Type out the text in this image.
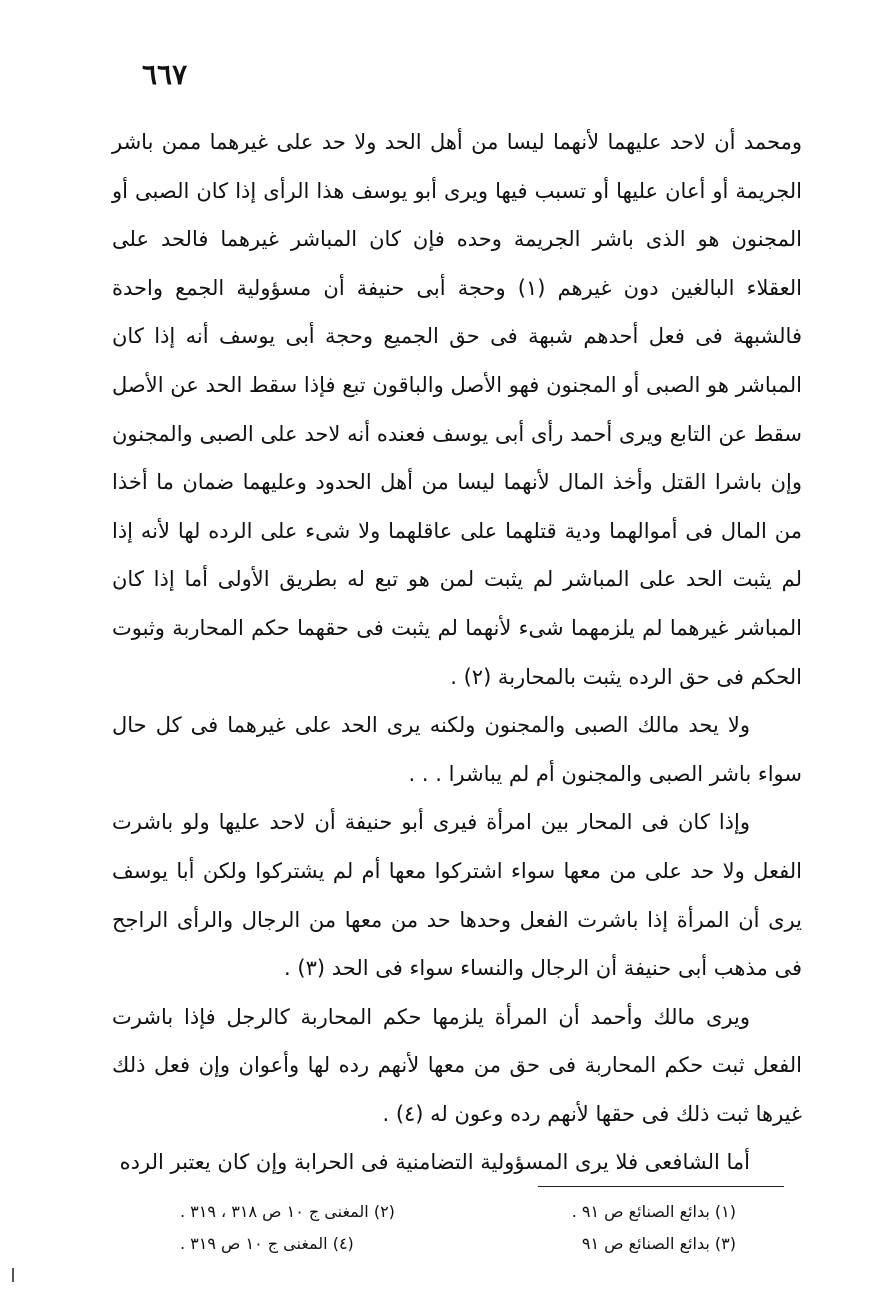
٦٦٧

ومحمد أن لاحد عليهما لأنهما ليسا من أهل الحد ولا حد على غيرهما ممن باشر الجريمة أو أعان عليها أو تسبب فيها ويرى أبو يوسف هذا الرأى إذا كان الصبى أو المجنون هو الذى باشر الجريمة وحده فإن كان المباشر غيرهما فالحد على العقلاء البالغين دون غيرهم (١) وحجة أبى حنيفة أن مسؤولية الجمع واحدة فالشبهة فى فعل أحدهم شبهة فى حق الجميع وحجة أبى يوسف أنه إذا كان المباشر هو الصبى أو المجنون فهو الأصل والباقون تبع فإذا سقط الحد عن الأصل سقط عن التابع ويرى أحمد رأى أبى يوسف فعنده أنه لاحد على الصبى والمجنون وإن باشرا القتل وأخذ المال لأنهما ليسا من أهل الحدود وعليهما ضمان ما أخذا من المال فى أموالهما ودية قتلهما على عاقلهما ولا شىء على الرده لها لأنه إذا لم يثبت الحد على المباشر لم يثبت لمن هو تبع له بطريق الأولى أما إذا كان المباشر غيرهما لم يلزمهما شىء لأنهما لم يثبت فى حقهما حكم المحاربة وثبوت الحكم فى حق الرده يثبت بالمحاربة (٢) .

ولا يحد مالك الصبى والمجنون ولكنه يرى الحد على غيرهما فى كل حال سواء باشر الصبى والمجنون أم لم يباشرا . . .

وإذا كان فى المحار بين امرأة فيرى أبو حنيفة أن لاحد عليها ولو باشرت الفعل ولا حد على من معها سواء اشتركوا معها أم لم يشتركوا ولكن أبا يوسف يرى أن المرأة إذا باشرت الفعل وحدها حد من معها من الرجال والرأى الراجح فى مذهب أبى حنيفة أن الرجال والنساء سواء فى الحد (٣) .

ويرى مالك وأحمد أن المرأة يلزمها حكم المحاربة كالرجل فإذا باشرت الفعل ثبت حكم المحاربة فى حق من معها لأنهم رده لها وأعوان وإن فعل ذلك غيرها ثبت ذلك فى حقها لأنهم رده وعون له (٤) .

أما الشافعى فلا يرى المسؤولية التضامنية فى الحرابة وإن كان يعتبر الرده

(١) بدائع الصنائع ص ٩١ .
(٢) المغنى ج ١٠ ص ٣١٨ ، ٣١٩ .
(٣) بدائع الصنائع ص ٩١
(٤) المغنى ج ١٠ ص ٣١٩ .
